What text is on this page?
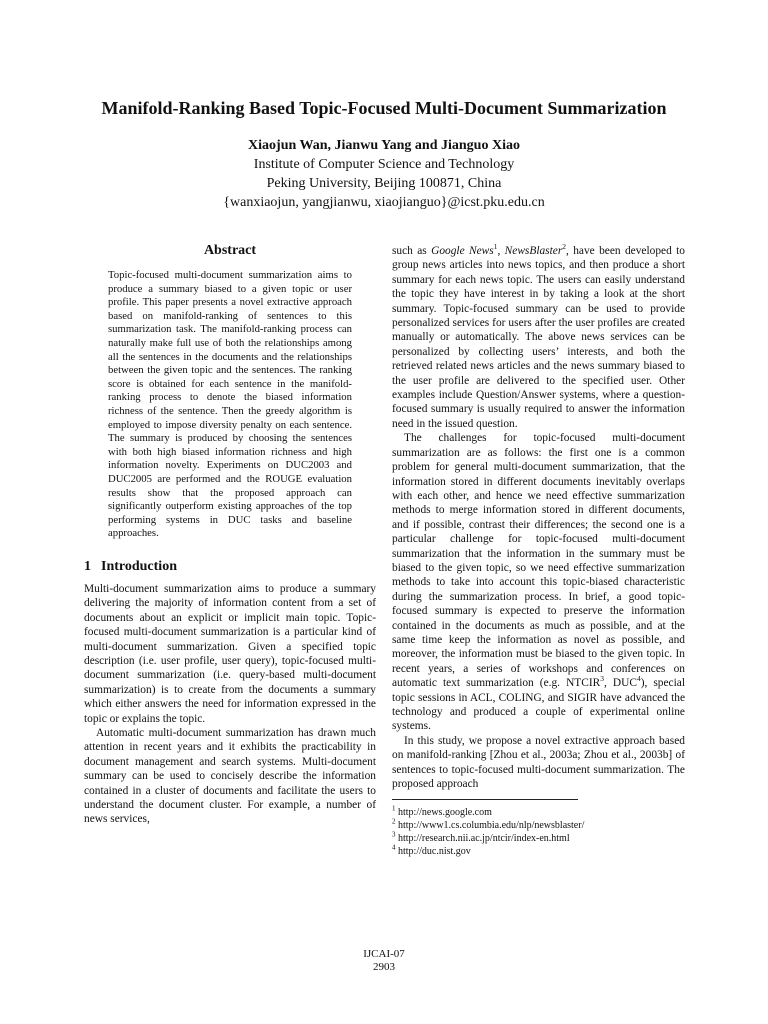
Manifold-Ranking Based Topic-Focused Multi-Document Summarization
Xiaojun Wan, Jianwu Yang and Jianguo Xiao
Institute of Computer Science and Technology
Peking University, Beijing 100871, China
{wanxiaojun, yangjianwu, xiaojianguo}@icst.pku.edu.cn
Abstract

Topic-focused multi-document summarization aims to produce a summary biased to a given topic or user profile. This paper presents a novel extractive approach based on manifold-ranking of sentences to this summarization task. The manifold-ranking process can naturally make full use of both the relationships among all the sentences in the documents and the relationships between the given topic and the sentences. The ranking score is obtained for each sentence in the manifold-ranking process to denote the biased information richness of the sentence. Then the greedy algorithm is employed to impose diversity penalty on each sentence. The summary is produced by choosing the sentences with both high biased information richness and high information novelty. Experiments on DUC2003 and DUC2005 are performed and the ROUGE evaluation results show that the proposed approach can significantly outperform existing approaches of the top performing systems in DUC tasks and baseline approaches.

1 Introduction

Multi-document summarization aims to produce a summary delivering the majority of information content from a set of documents about an explicit or implicit main topic. Topic-focused multi-document summarization is a particular kind of multi-document summarization. Given a specified topic description (i.e. user profile, user query), topic-focused multi-document summarization (i.e. query-based multi-document summarization) is to create from the documents a summary which either answers the need for information expressed in the topic or explains the topic.

Automatic multi-document summarization has drawn much attention in recent years and it exhibits the practicability in document management and search systems. Multi-document summary can be used to concisely describe the information contained in a cluster of documents and facilitate the users to understand the document cluster. For example, a number of news services,

such as Google News$^1$, NewsBlaster$^2$, have been developed to group news articles into news topics, and then produce a short summary for each news topic. The users can easily understand the topic they have interest in by taking a look at the short summary. Topic-focused summary can be used to provide personalized services for users after the user profiles are created manually or automatically. The above news services can be personalized by collecting users’ interests, and both the retrieved related news articles and the news summary biased to the user profile are delivered to the specified user. Other examples include Question/Answer systems, where a question-focused summary is usually required to answer the information need in the issued question.

The challenges for topic-focused multi-document summarization are as follows: the first one is a common problem for general multi-document summarization, that the information stored in different documents inevitably overlaps with each other, and hence we need effective summarization methods to merge information stored in different documents, and if possible, contrast their differences; the second one is a particular challenge for topic-focused multi-document summarization that the information in the summary must be biased to the given topic, so we need effective summarization methods to take into account this topic-biased characteristic during the summarization process. In brief, a good topic-focused summary is expected to preserve the information contained in the documents as much as possible, and at the same time keep the information as novel as possible, and moreover, the information must be biased to the given topic. In recent years, a series of workshops and conferences on automatic text summarization (e.g. NTCIR$^3$, DUC$^4$), special topic sessions in ACL, COLING, and SIGIR have advanced the technology and produced a couple of experimental online systems.

In this study, we propose a novel extractive approach based on manifold-ranking [Zhou et al., 2003a; Zhou et al., 2003b] of sentences to topic-focused multi-document summarization. The proposed approach

$^1$ http://news.google.com
$^2$ http://www1.cs.columbia.edu/nlp/newsblaster/
$^3$ http://research.nii.ac.jp/ntcir/index-en.html
$^4$ http://duc.nist.gov
IJCAI-07
2903
